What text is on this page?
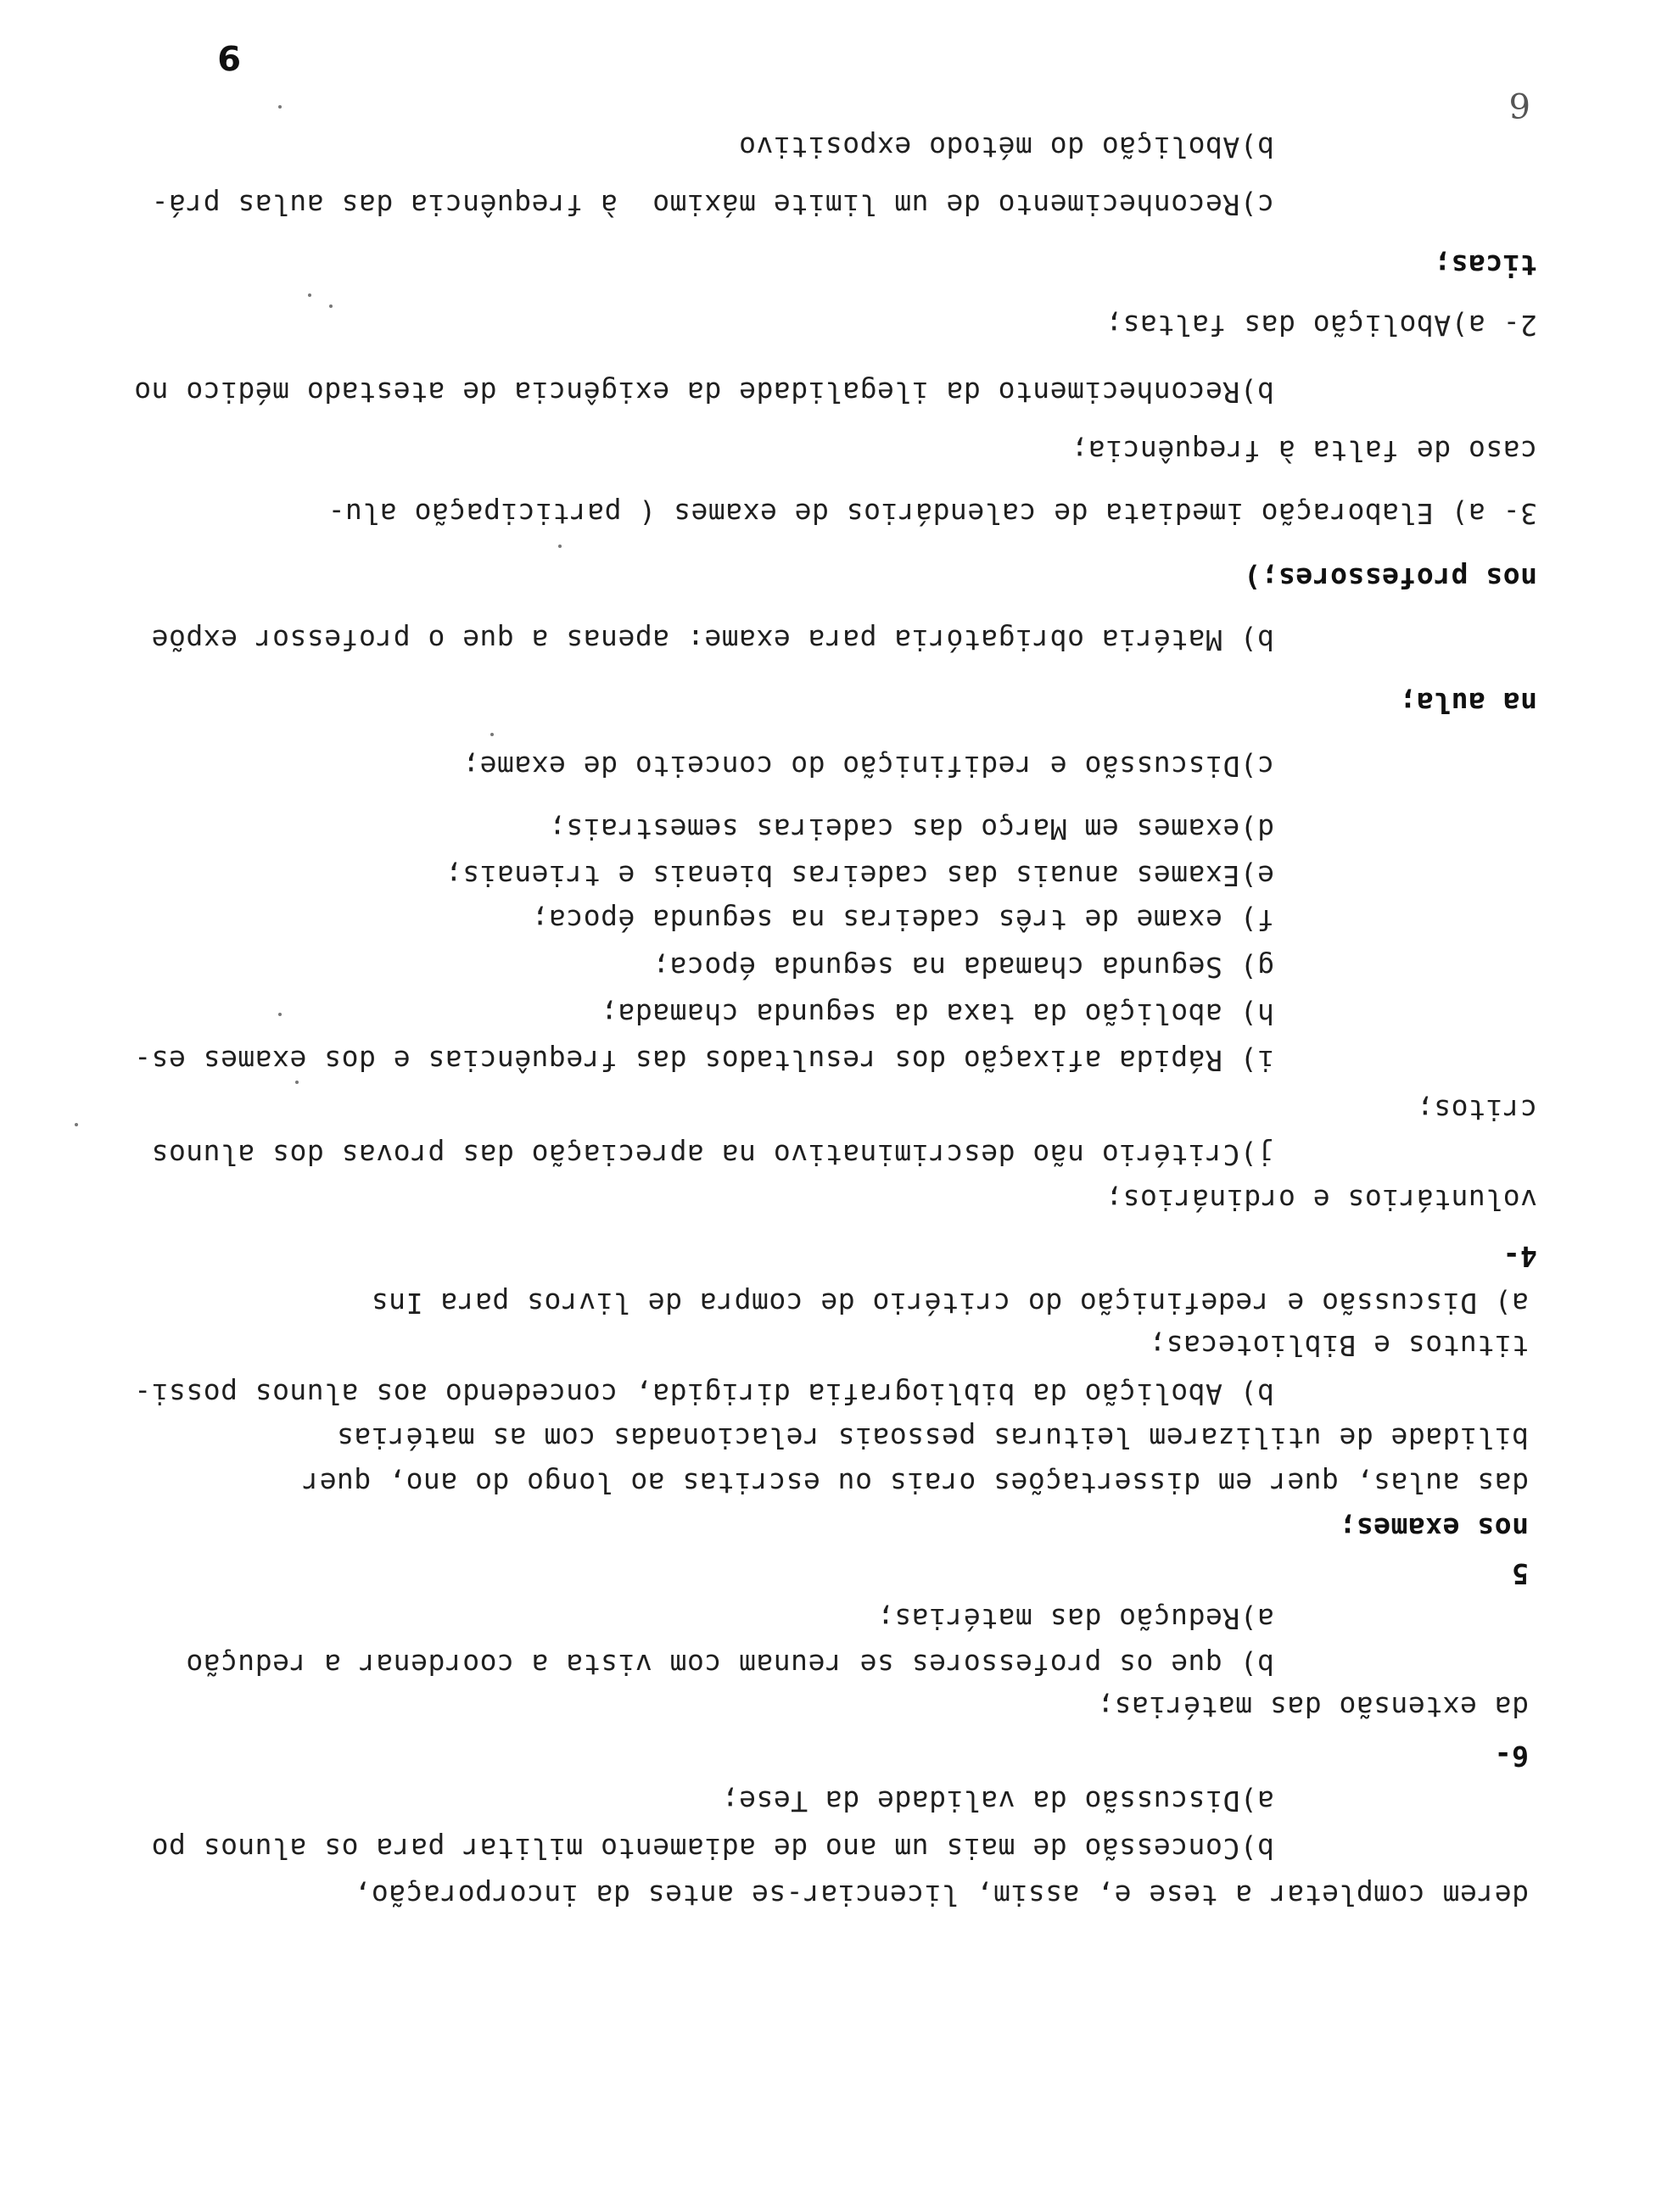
9
6
b)Abolição do método expositivo
c)Reconhecimento de um limite máximo  à frequência das aulas prá-
ticas;
2- a)Abolição das faltas;
b)Reconhecimento da ilegalidade da exigência de atestado médico no
caso de falta à frequência;
3- a) Elaboração imediata de calendários de exames ( participação alu-
nos professores;)
b) Matéria obrigatória para exame: apenas a que o professor expõe
na aula;
c)Discussão e redifinição do conceito de exame;
d)exames em Março das cadeiras semestrais;
e)Exames anuais das cadeiras bienais e trienais;
f) exame de três cadeiras na segunda época;
g) Segunda chamada na segunda época;
h) abolição da taxa da segunda chamada;
i) Rápida afixação dos resultados das frequências e dos exames es-
critos;
j)Critério não descriminativo na apreciação das provas dos alunos
voluntários e ordinários;
4-
a) Discussão e redefinição do critério de compra de livros para Ins
titutos e Bibliotecas;
b) Abolição da bibliografia dirigida, concedendo aos alunos possi-
bilidade de utilizarem leituras pessoais relacionadas com as matérias
das aulas, quer em dissertações orais ou escritas ao longo do ano, quer
nos exames;
5
a)Redução das matérias;
b) que os professores se reunam com vista a coordenar a redução
da extensão das matérias;
6-
a)Discussão da validade da Tese;
b)Concessão de mais um ano de adiamento militar para os alunos po
derem completar a tese e, assim, licenciar-se antes da incorporação,
